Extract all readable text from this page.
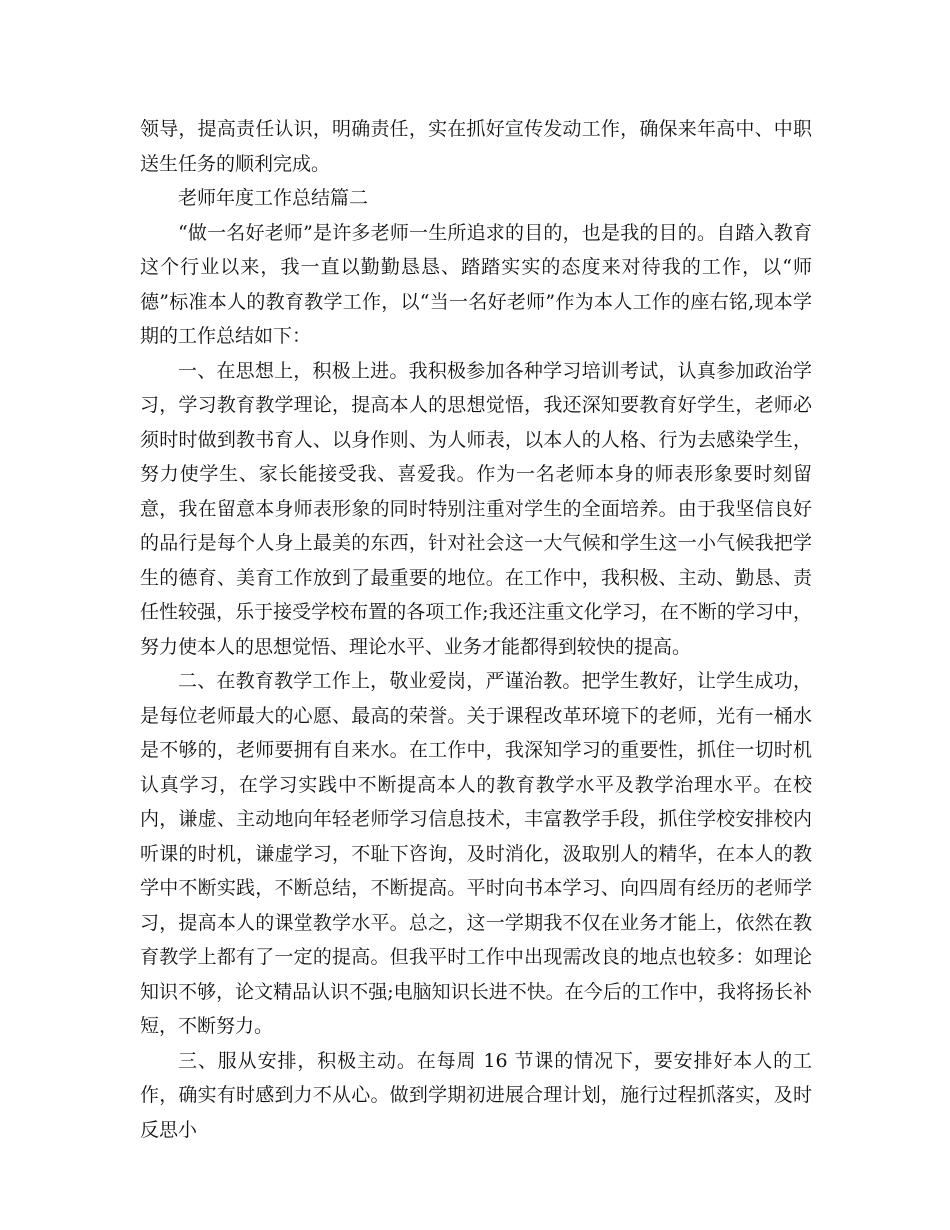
领导，提高责任认识，明确责任，实在抓好宣传发动工作，确保来年高中、中职送生任务的顺利完成。

老师年度工作总结篇二

“做一名好老师”是许多老师一生所追求的目的，也是我的目的。自踏入教育这个行业以来，我一直以勤勤恳恳、踏踏实实的态度来对待我的工作，以“师德”标准本人的教育教学工作，以“当一名好老师”作为本人工作的座右铭,现本学期的工作总结如下：

一、在思想上，积极上进。我积极参加各种学习培训考试，认真参加政治学习，学习教育教学理论，提高本人的思想觉悟，我还深知要教育好学生，老师必须时时做到教书育人、以身作则、为人师表，以本人的人格、行为去感染学生，努力使学生、家长能接受我、喜爱我。作为一名老师本身的师表形象要时刻留意，我在留意本身师表形象的同时特别注重对学生的全面培养。由于我坚信良好的品行是每个人身上最美的东西，针对社会这一大气候和学生这一小气候我把学生的德育、美育工作放到了最重要的地位。在工作中，我积极、主动、勤恳、责任性较强，乐于接受学校布置的各项工作;我还注重文化学习，在不断的学习中，努力使本人的思想觉悟、理论水平、业务才能都得到较快的提高。

二、在教育教学工作上，敬业爱岗，严谨治教。把学生教好，让学生成功，是每位老师最大的心愿、最高的荣誉。关于课程改革环境下的老师，光有一桶水是不够的，老师要拥有自来水。在工作中，我深知学习的重要性，抓住一切时机认真学习，在学习实践中不断提高本人的教育教学水平及教学治理水平。在校内，谦虚、主动地向年轻老师学习信息技术，丰富教学手段，抓住学校安排校内听课的时机，谦虚学习，不耻下咨询，及时消化，汲取别人的精华，在本人的教学中不断实践，不断总结，不断提高。平时向书本学习、向四周有经历的老师学习，提高本人的课堂教学水平。总之，这一学期我不仅在业务才能上，依然在教育教学上都有了一定的提高。但我平时工作中出现需改良的地点也较多：如理论知识不够，论文精品认识不强;电脑知识长进不快。在今后的工作中，我将扬长补短，不断努力。

三、服从安排，积极主动。在每周 16 节课的情况下，要安排好本人的工作，确实有时感到力不从心。做到学期初进展合理计划，施行过程抓落实，及时反思小
